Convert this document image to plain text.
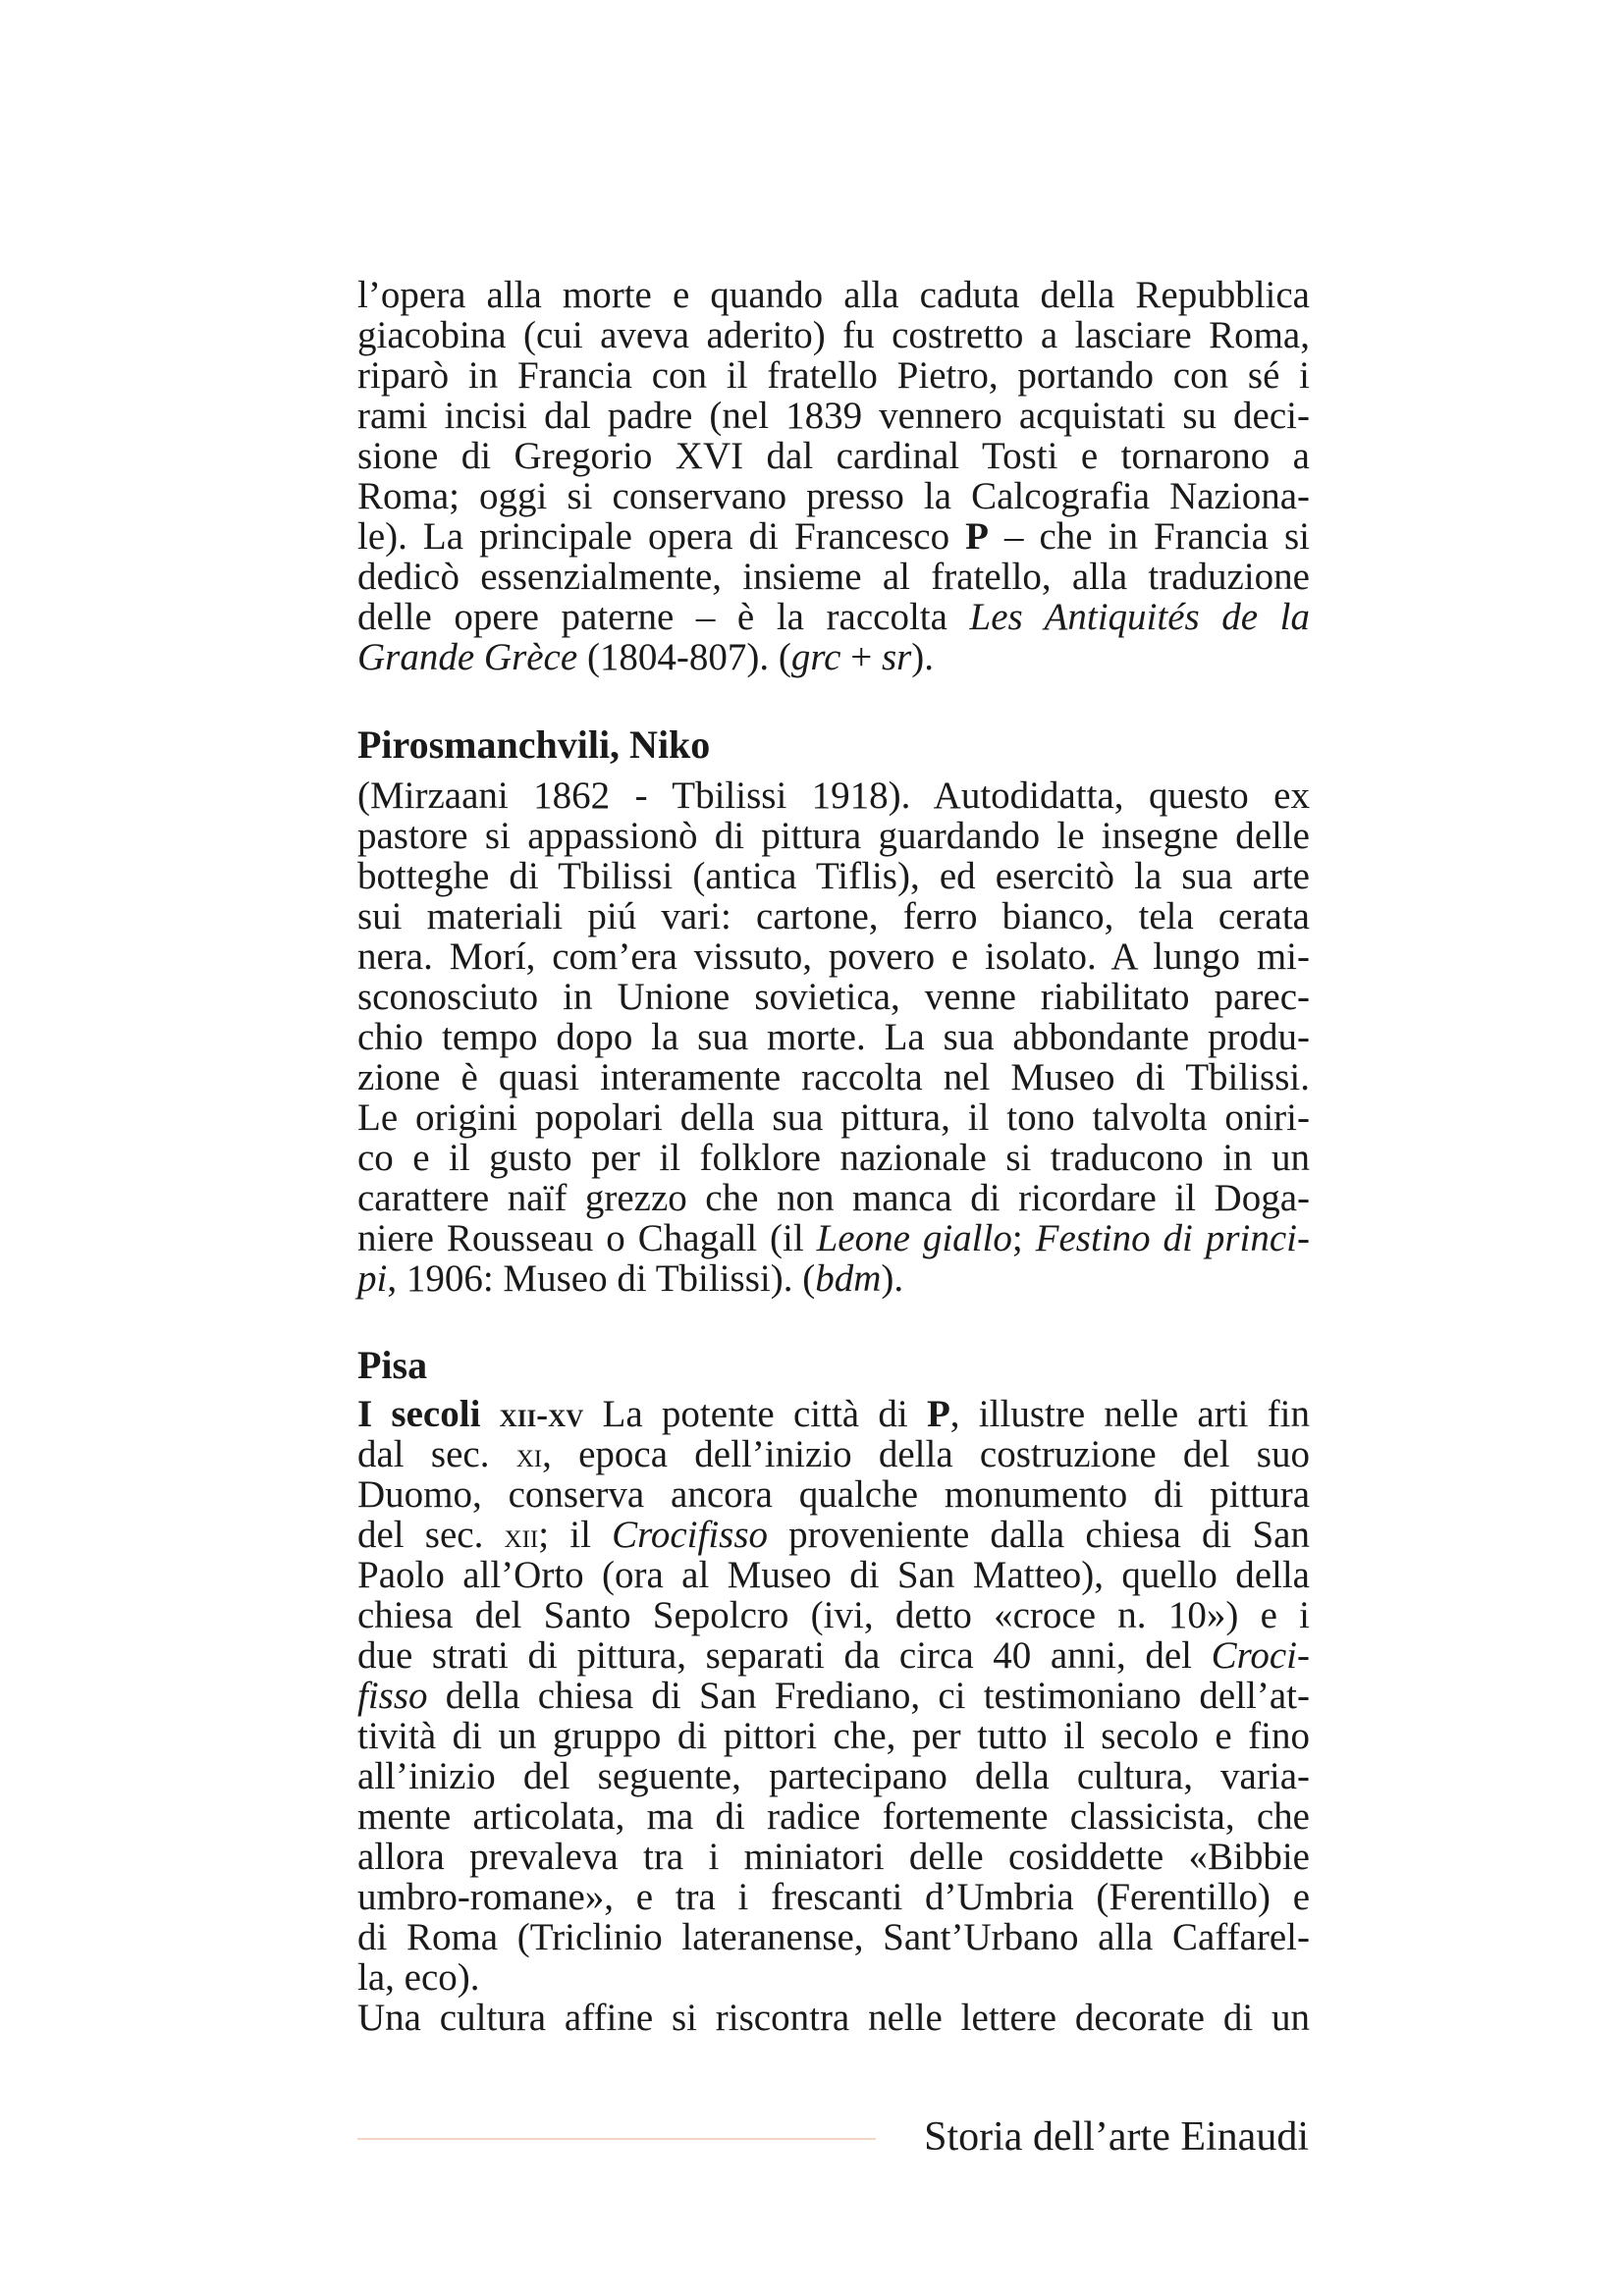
l’opera alla morte e quando alla caduta della Repubblica
giacobina (cui aveva aderito) fu costretto a lasciare Roma,
riparò in Francia con il fratello Pietro, portando con sé i
rami incisi dal padre (nel 1839 vennero acquistati su deci-
sione di Gregorio XVI dal cardinal Tosti e tornarono a
Roma; oggi si conservano presso la Calcografia Naziona-
le). La principale opera di Francesco P – che in Francia si
dedicò essenzialmente, insieme al fratello, alla traduzione
delle opere paterne – è la raccolta Les Antiquités de la
Grande Grèce (1804-807). (grc + sr).
Pirosmanchvili, Niko
(Mirzaani 1862 - Tbilissi 1918). Autodidatta, questo ex
pastore si appassionò di pittura guardando le insegne delle
botteghe di Tbilissi (antica Tiflis), ed esercitò la sua arte
sui materiali piú vari: cartone, ferro bianco, tela cerata
nera. Morí, com’era vissuto, povero e isolato. A lungo mi-
sconosciuto in Unione sovietica, venne riabilitato parec-
chio tempo dopo la sua morte. La sua abbondante produ-
zione è quasi interamente raccolta nel Museo di Tbilissi.
Le origini popolari della sua pittura, il tono talvolta oniri-
co e il gusto per il folklore nazionale si traducono in un
carattere naïf grezzo che non manca di ricordare il Doga-
niere Rousseau o Chagall (il Leone giallo; Festino di princi-
pi, 1906: Museo di Tbilissi). (bdm).
Pisa
I secoli xii-xv La potente città di P, illustre nelle arti fin
dal sec. xi, epoca dell’inizio della costruzione del suo
Duomo, conserva ancora qualche monumento di pittura
del sec. xii; il Crocifisso proveniente dalla chiesa di San
Paolo all’Orto (ora al Museo di San Matteo), quello della
chiesa del Santo Sepolcro (ivi, detto «croce n. 10») e i
due strati di pittura, separati da circa 40 anni, del Croci-
fisso della chiesa di San Frediano, ci testimoniano dell’at-
tività di un gruppo di pittori che, per tutto il secolo e fino
all’inizio del seguente, partecipano della cultura, varia-
mente articolata, ma di radice fortemente classicista, che
allora prevaleva tra i miniatori delle cosiddette «Bibbie
umbro-romane», e tra i frescanti d’Umbria (Ferentillo) e
di Roma (Triclinio lateranense, Sant’Urbano alla Caffarel-
la, eco).
Una cultura affine si riscontra nelle lettere decorate di un
Storia dell’arte Einaudi
